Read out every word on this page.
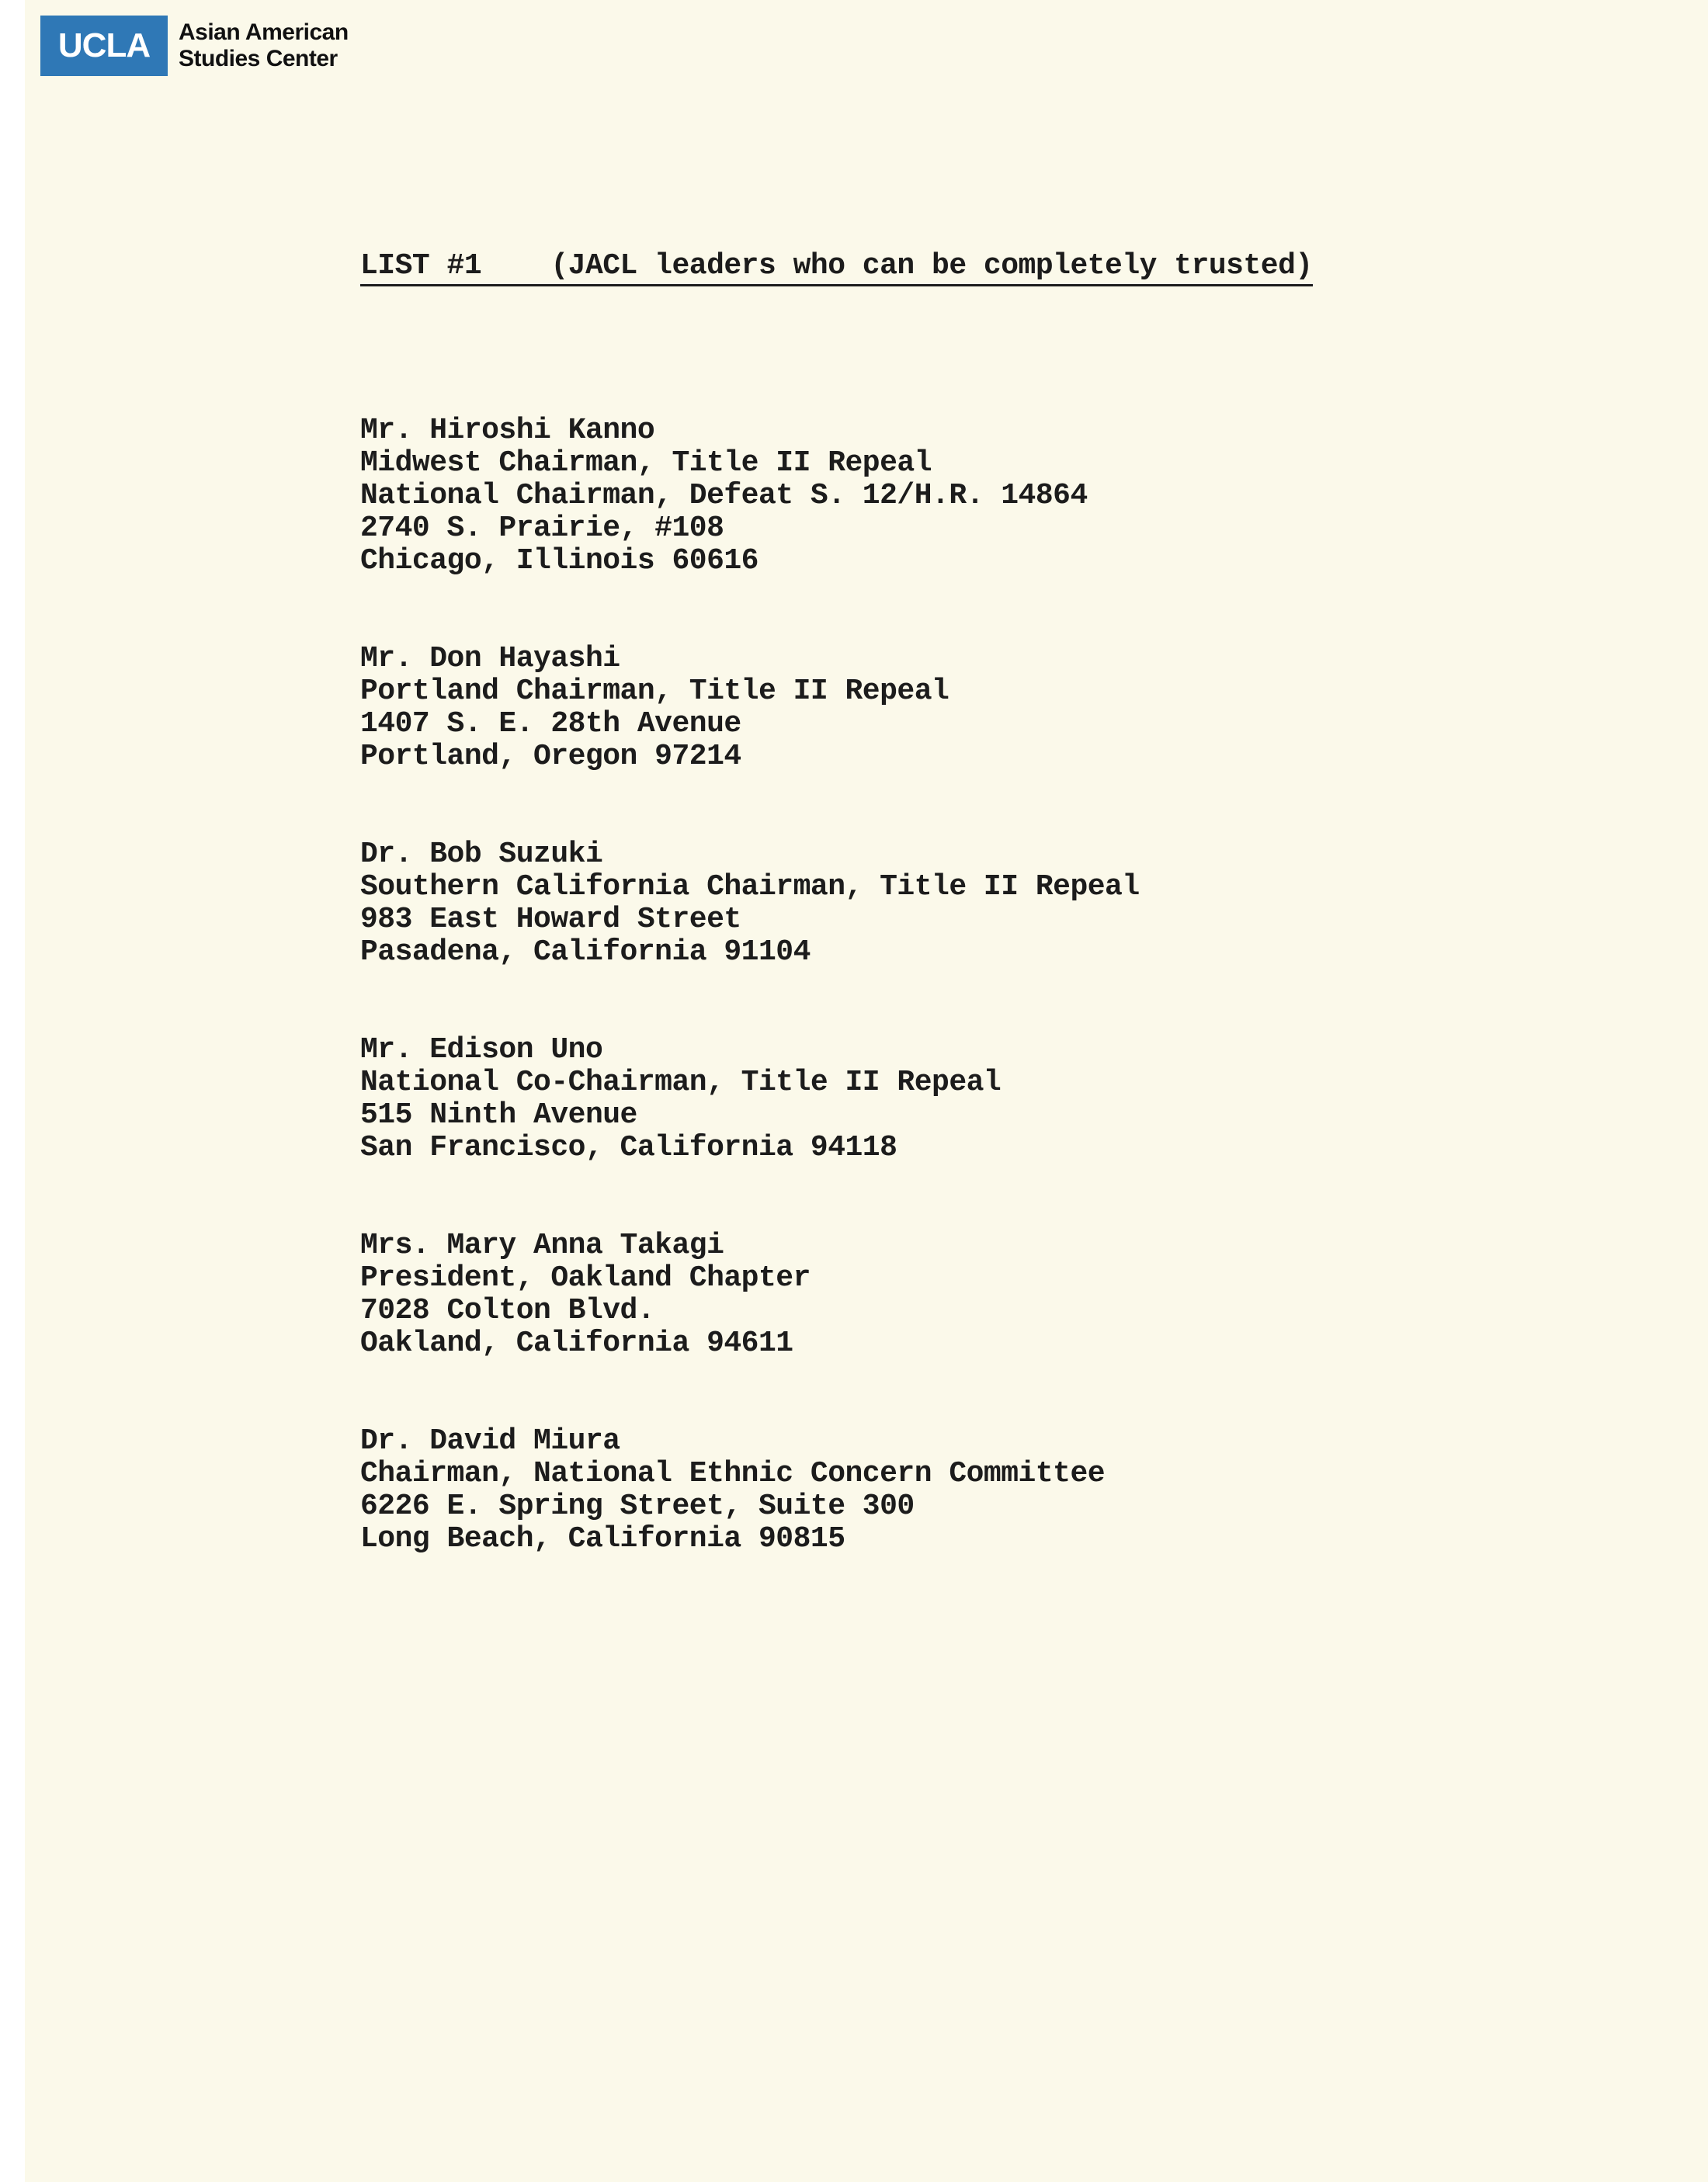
UCLA	Asian American
Studies Center
LIST #1    (JACL leaders who can be completely trusted)
Mr. Hiroshi Kanno
Midwest Chairman, Title II Repeal
National Chairman, Defeat S. 12/H.R. 14864
2740 S. Prairie, #108
Chicago, Illinois 60616
Mr. Don Hayashi
Portland Chairman, Title II Repeal
1407 S. E. 28th Avenue
Portland, Oregon 97214
Dr. Bob Suzuki
Southern California Chairman, Title II Repeal
983 East Howard Street
Pasadena, California 91104
Mr. Edison Uno
National Co-Chairman, Title II Repeal
515 Ninth Avenue
San Francisco, California 94118
Mrs. Mary Anna Takagi
President, Oakland Chapter
7028 Colton Blvd.
Oakland, California 94611
Dr. David Miura
Chairman, National Ethnic Concern Committee
6226 E. Spring Street, Suite 300
Long Beach, California 90815
